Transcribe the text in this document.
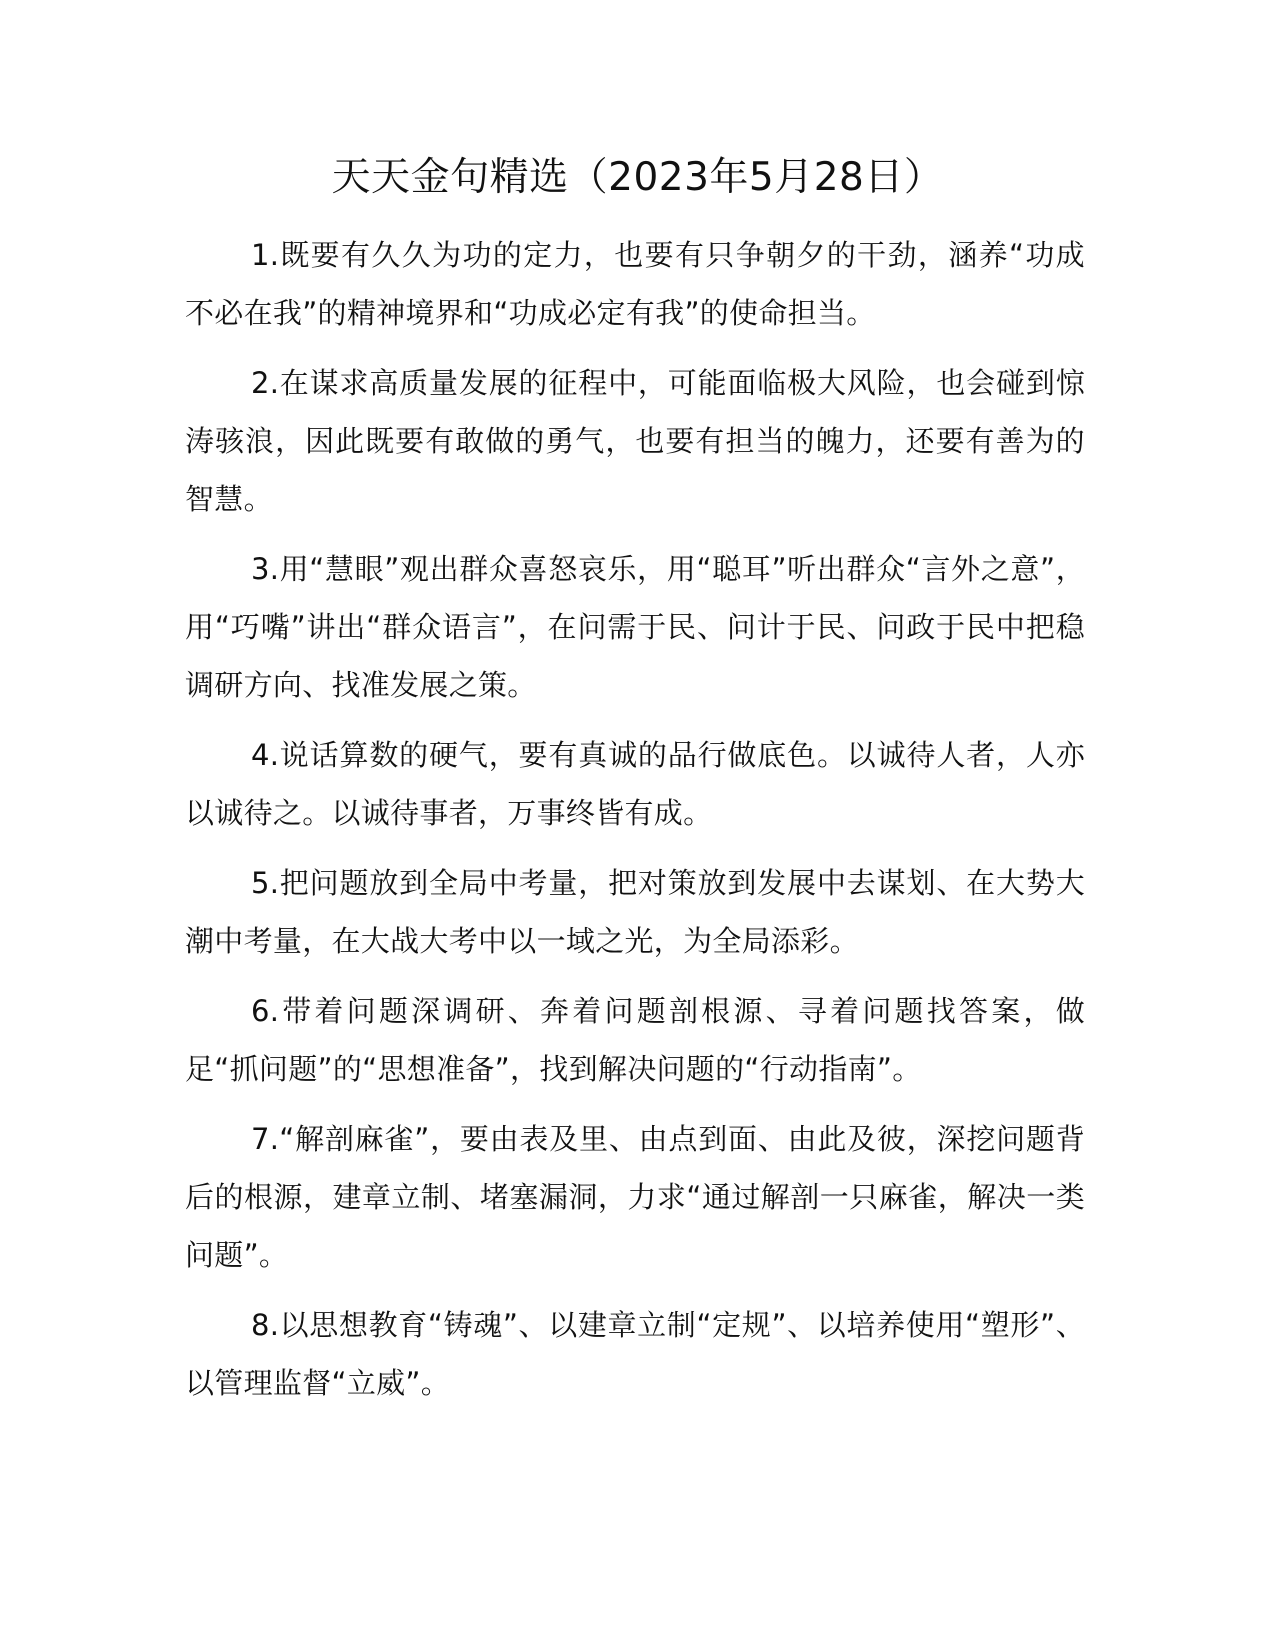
天天金句精选（2023年5月28日）

1.既要有久久为功的定力，也要有只争朝夕的干劲，涵养“功成不必在我”的精神境界和“功成必定有我”的使命担当。

2.在谋求高质量发展的征程中，可能面临极大风险，也会碰到惊涛骇浪，因此既要有敢做的勇气，也要有担当的魄力，还要有善为的智慧。

3.用“慧眼”观出群众喜怒哀乐，用“聪耳”听出群众“言外之意”，用“巧嘴”讲出“群众语言”，在问需于民、问计于民、问政于民中把稳调研方向、找准发展之策。

4.说话算数的硬气，要有真诚的品行做底色。以诚待人者，人亦以诚待之。以诚待事者，万事终皆有成。

5.把问题放到全局中考量，把对策放到发展中去谋划、在大势大潮中考量，在大战大考中以一域之光，为全局添彩。

6.带着问题深调研、奔着问题剖根源、寻着问题找答案，做足“抓问题”的“思想准备”，找到解决问题的“行动指南”。

7.“解剖麻雀”，要由表及里、由点到面、由此及彼，深挖问题背后的根源，建章立制、堵塞漏洞，力求“通过解剖一只麻雀，解决一类问题”。

8.以思想教育“铸魂”、以建章立制“定规”、以培养使用“塑形”、以管理监督“立威”。
